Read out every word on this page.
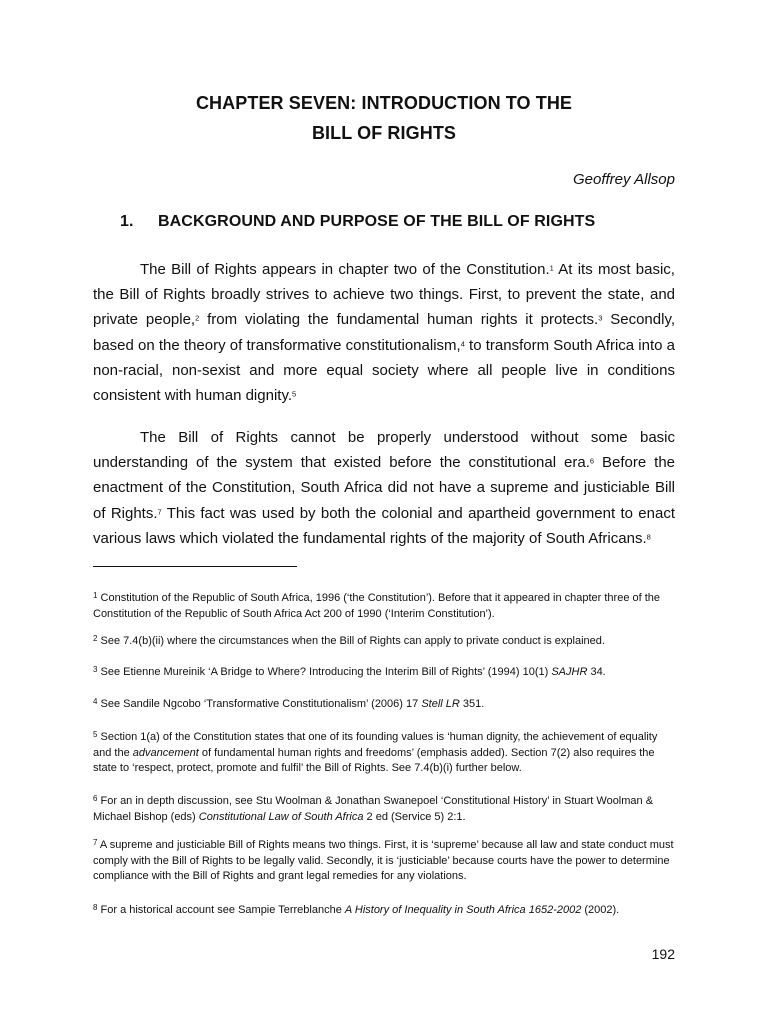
CHAPTER SEVEN: INTRODUCTION TO THE
BILL OF RIGHTS
Geoffrey Allsop
1. BACKGROUND AND PURPOSE OF THE BILL OF RIGHTS
The Bill of Rights appears in chapter two of the Constitution.$^1$ At its most basic, the Bill of Rights broadly strives to achieve two things. First, to prevent the state, and private people,$^2$ from violating the fundamental human rights it protects.$^3$ Secondly, based on the theory of transformative constitutionalism,$^4$ to transform South Africa into a non-racial, non-sexist and more equal society where all people live in conditions consistent with human dignity.$^5$
The Bill of Rights cannot be properly understood without some basic understanding of the system that existed before the constitutional era.$^6$ Before the enactment of the Constitution, South Africa did not have a supreme and justiciable Bill of Rights.$^7$ This fact was used by both the colonial and apartheid government to enact various laws which violated the fundamental rights of the majority of South Africans.$^8$
$^1$ Constitution of the Republic of South Africa, 1996 (‘the Constitution’). Before that it appeared in chapter three of the Constitution of the Republic of South Africa Act 200 of 1990 (‘Interim Constitution’).
$^2$ See 7.4(b)(ii) where the circumstances when the Bill of Rights can apply to private conduct is explained.
$^3$ See Etienne Mureinik ‘A Bridge to Where? Introducing the Interim Bill of Rights’ (1994) 10(1) SAJHR 34.
$^4$ See Sandile Ngcobo ‘Transformative Constitutionalism’ (2006) 17 Stell LR 351.
$^5$ Section 1(a) of the Constitution states that one of its founding values is ‘human dignity, the achievement of equality and the advancement of fundamental human rights and freedoms’ (emphasis added). Section 7(2) also requires the state to ‘respect, protect, promote and fulfil’ the Bill of Rights. See 7.4(b)(i) further below.
$^6$ For an in depth discussion, see Stu Woolman & Jonathan Swanepoel ‘Constitutional History’ in Stuart Woolman & Michael Bishop (eds) Constitutional Law of South Africa 2 ed (Service 5) 2:1.
$^7$ A supreme and justiciable Bill of Rights means two things. First, it is ‘supreme’ because all law and state conduct must comply with the Bill of Rights to be legally valid. Secondly, it is ‘justiciable’ because courts have the power to determine compliance with the Bill of Rights and grant legal remedies for any violations.
$^8$ For a historical account see Sampie Terreblanche A History of Inequality in South Africa 1652-2002 (2002).
192
